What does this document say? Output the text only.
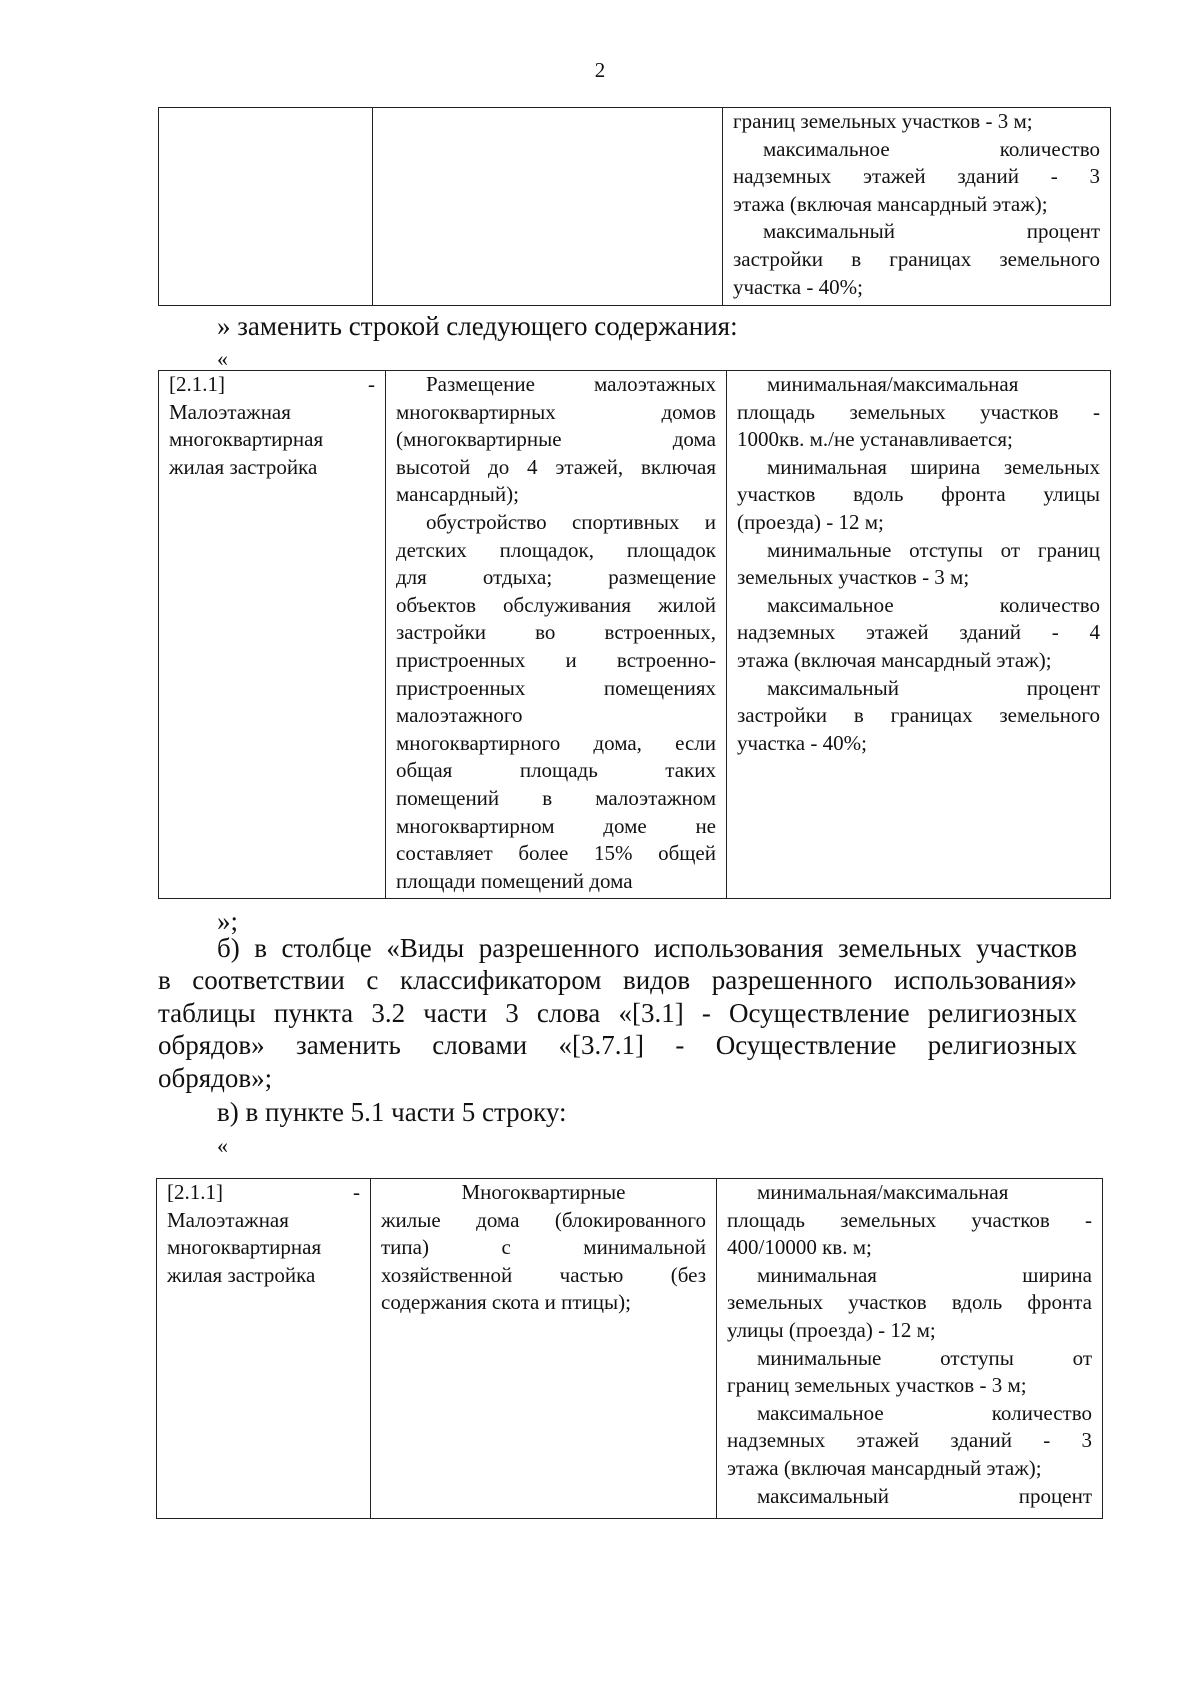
2

границ земельных участков - 3 м;
максимальное количество
надземных этажей зданий - 3
этажа (включая мансардный этаж);
максимальный процент
застройки в границах земельного
участка - 40%;
» заменить строкой следующего содержания:
«
[2.1.1] -
Малоэтажная
многоквартирная
жилая застройка

Размещение малоэтажных
многоквартирных домов
(многоквартирные дома
высотой до 4 этажей, включая
мансардный);
обустройство спортивных и
детских площадок, площадок
для отдыха; размещение
объектов обслуживания жилой
застройки во встроенных,
пристроенных и встроенно-
пристроенных помещениях
малоэтажного
многоквартирного дома, если
общая площадь таких
помещений в малоэтажном
многоквартирном доме не
составляет более 15% общей
площади помещений дома

минимальная/максимальная
площадь земельных участков -
1000кв. м./не устанавливается;
минимальная ширина земельных
участков вдоль фронта улицы
(проезда) - 12 м;
минимальные отступы от границ
земельных участков - 3 м;
максимальное количество
надземных этажей зданий - 4
этажа (включая мансардный этаж);
максимальный процент
застройки в границах земельного
участка - 40%;
»;
б) в столбце «Виды разрешенного использования земельных участков
в соответствии с классификатором видов разрешенного использования»
таблицы пункта 3.2 части 3 слова «[3.1] - Осуществление религиозных
обрядов» заменить словами «[3.7.1] - Осуществление религиозных
обрядов»;
в) в пункте 5.1 части 5 строку:
«
[2.1.1] -
Малоэтажная
многоквартирная
жилая застройка

Многоквартирные
жилые дома (блокированного
типа) с минимальной
хозяйственной частью (без
содержания скота и птицы);

минимальная/максимальная
площадь земельных участков -
400/10000 кв. м;
минимальная ширина
земельных участков вдоль фронта
улицы (проезда) - 12 м;
минимальные отступы от
границ земельных участков - 3 м;
максимальное количество
надземных этажей зданий - 3
этажа (включая мансардный этаж);
максимальный процент
